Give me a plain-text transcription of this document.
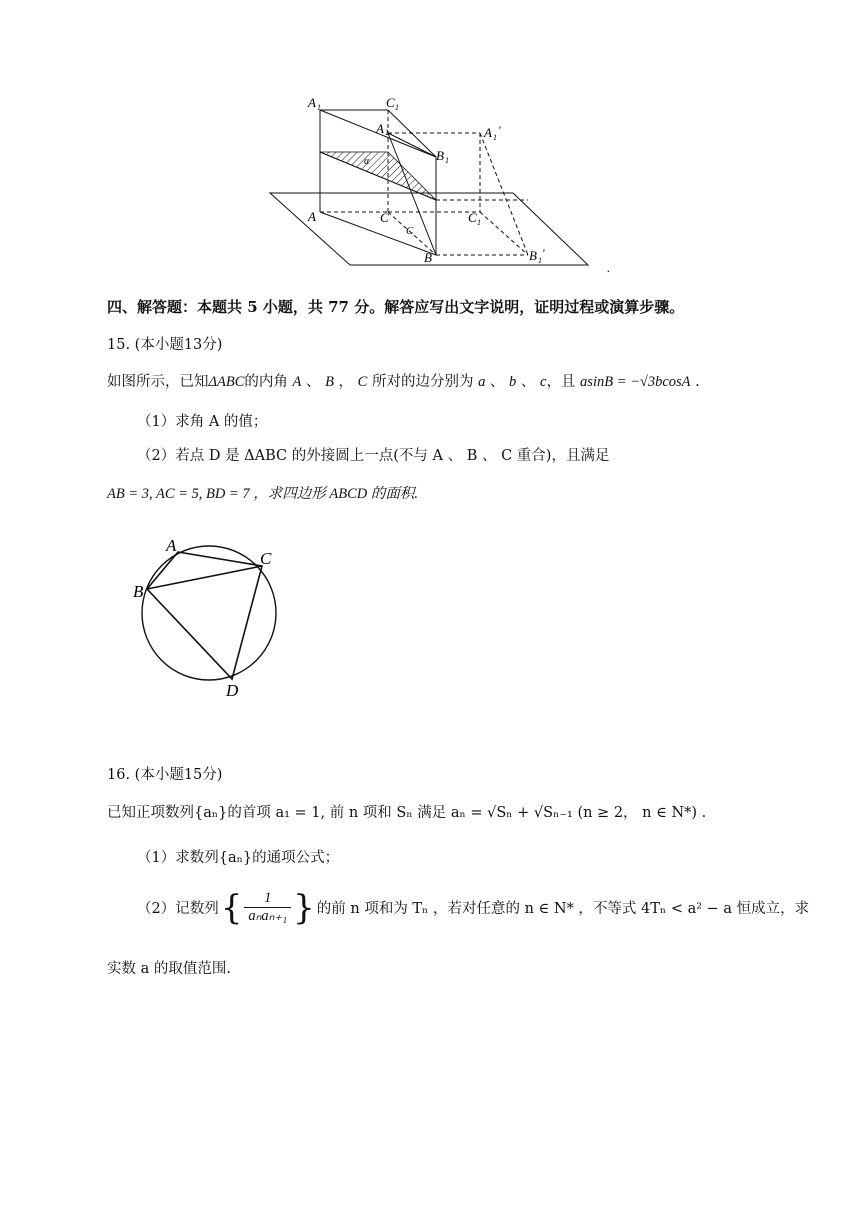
A 1	C 1
A 1	A 1
'
B 1
α
A	C	C 1
C
B	B 1
'
.
四、解答题：本题共 5 小题，共 77 分。解答应写出文字说明，证明过程或演算步骤。
15. (本小题13分)
如图所示，已知ΔABC的内角 A 、 B ， C 所对的边分别为 a 、 b 、 c，且 asinB = −√3bcosA .
（1）求角 A 的值；
（2）若点 D 是 ΔABC 的外接圆上一点(不与 A 、 B 、 C 重合)，且满足
AB = 3, AC = 5, BD = 7 ，求四边形 ABCD 的面积.
A
C
B
D
16. (本小题15分)
已知正项数列{aₙ}的首项 a₁ = 1, 前 n 项和 Sₙ 满足 aₙ = √Sₙ + √Sₙ₋₁ (n ≥ 2， n ∈ N*) .
（1）求数列{aₙ}的通项公式；
（2）记数列 { $\frac{1}{\text{aₙaₙ₊₁}}$ } 的前 n 项和为 Tₙ ，若对任意的 n ∈ N* ，不等式 4Tₙ < a² − a 恒成立，求
实数 a 的取值范围.
